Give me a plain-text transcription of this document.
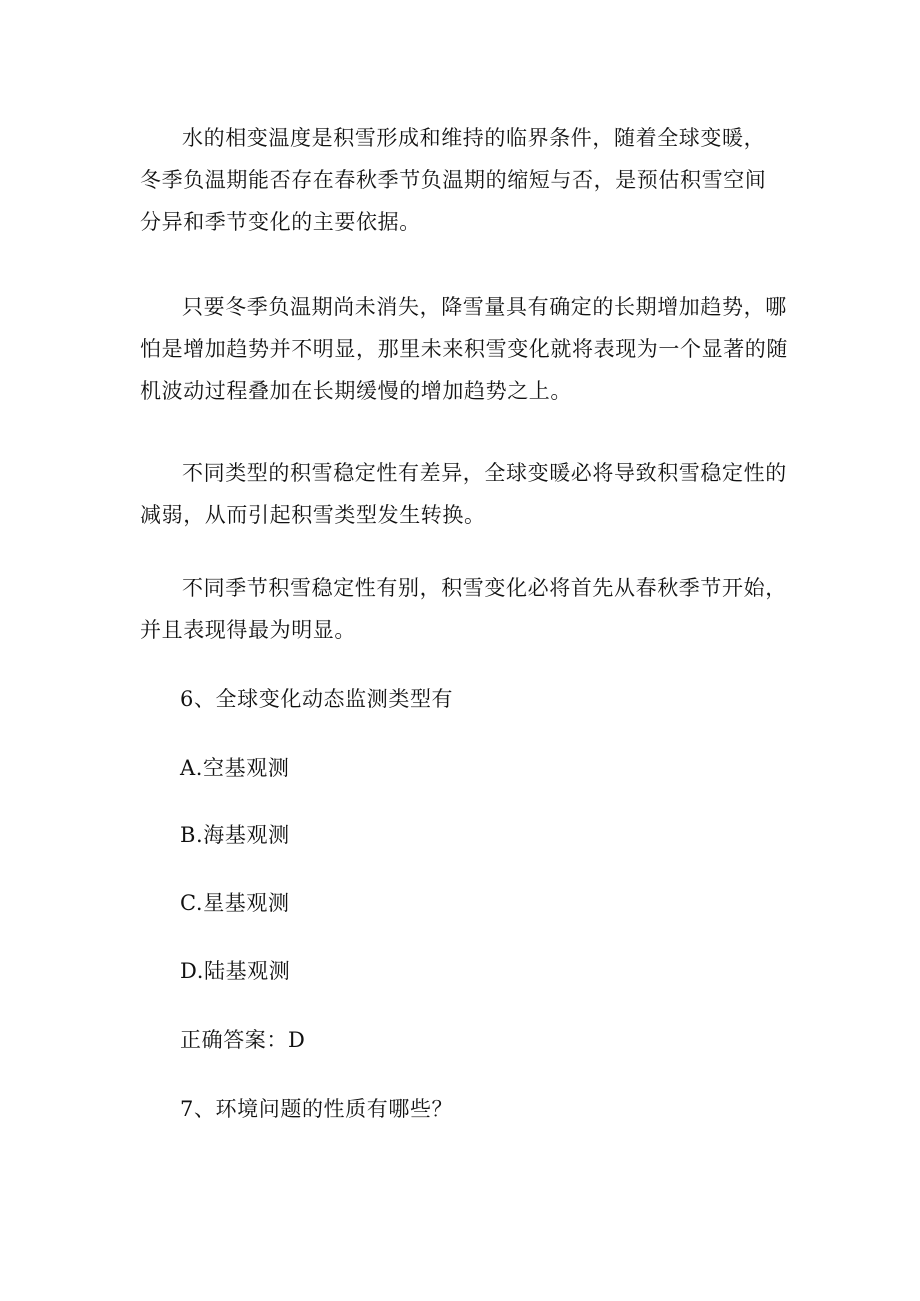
水的相变温度是积雪形成和维持的临界条件，随着全球变暖，
冬季负温期能否存在春秋季节负温期的缩短与否，是预估积雪空间
分异和季节变化的主要依据。
只要冬季负温期尚未消失，降雪量具有确定的长期增加趋势，哪
怕是增加趋势并不明显，那里未来积雪变化就将表现为一个显著的随
机波动过程叠加在长期缓慢的增加趋势之上。
不同类型的积雪稳定性有差异，全球变暖必将导致积雪稳定性的
减弱，从而引起积雪类型发生转换。
不同季节积雪稳定性有别，积雪变化必将首先从春秋季节开始，
并且表现得最为明显。

6、全球变化动态监测类型有

A.空基观测

B.海基观测

C.星基观测

D.陆基观测

正确答案：D

7、环境问题的性质有哪些？
